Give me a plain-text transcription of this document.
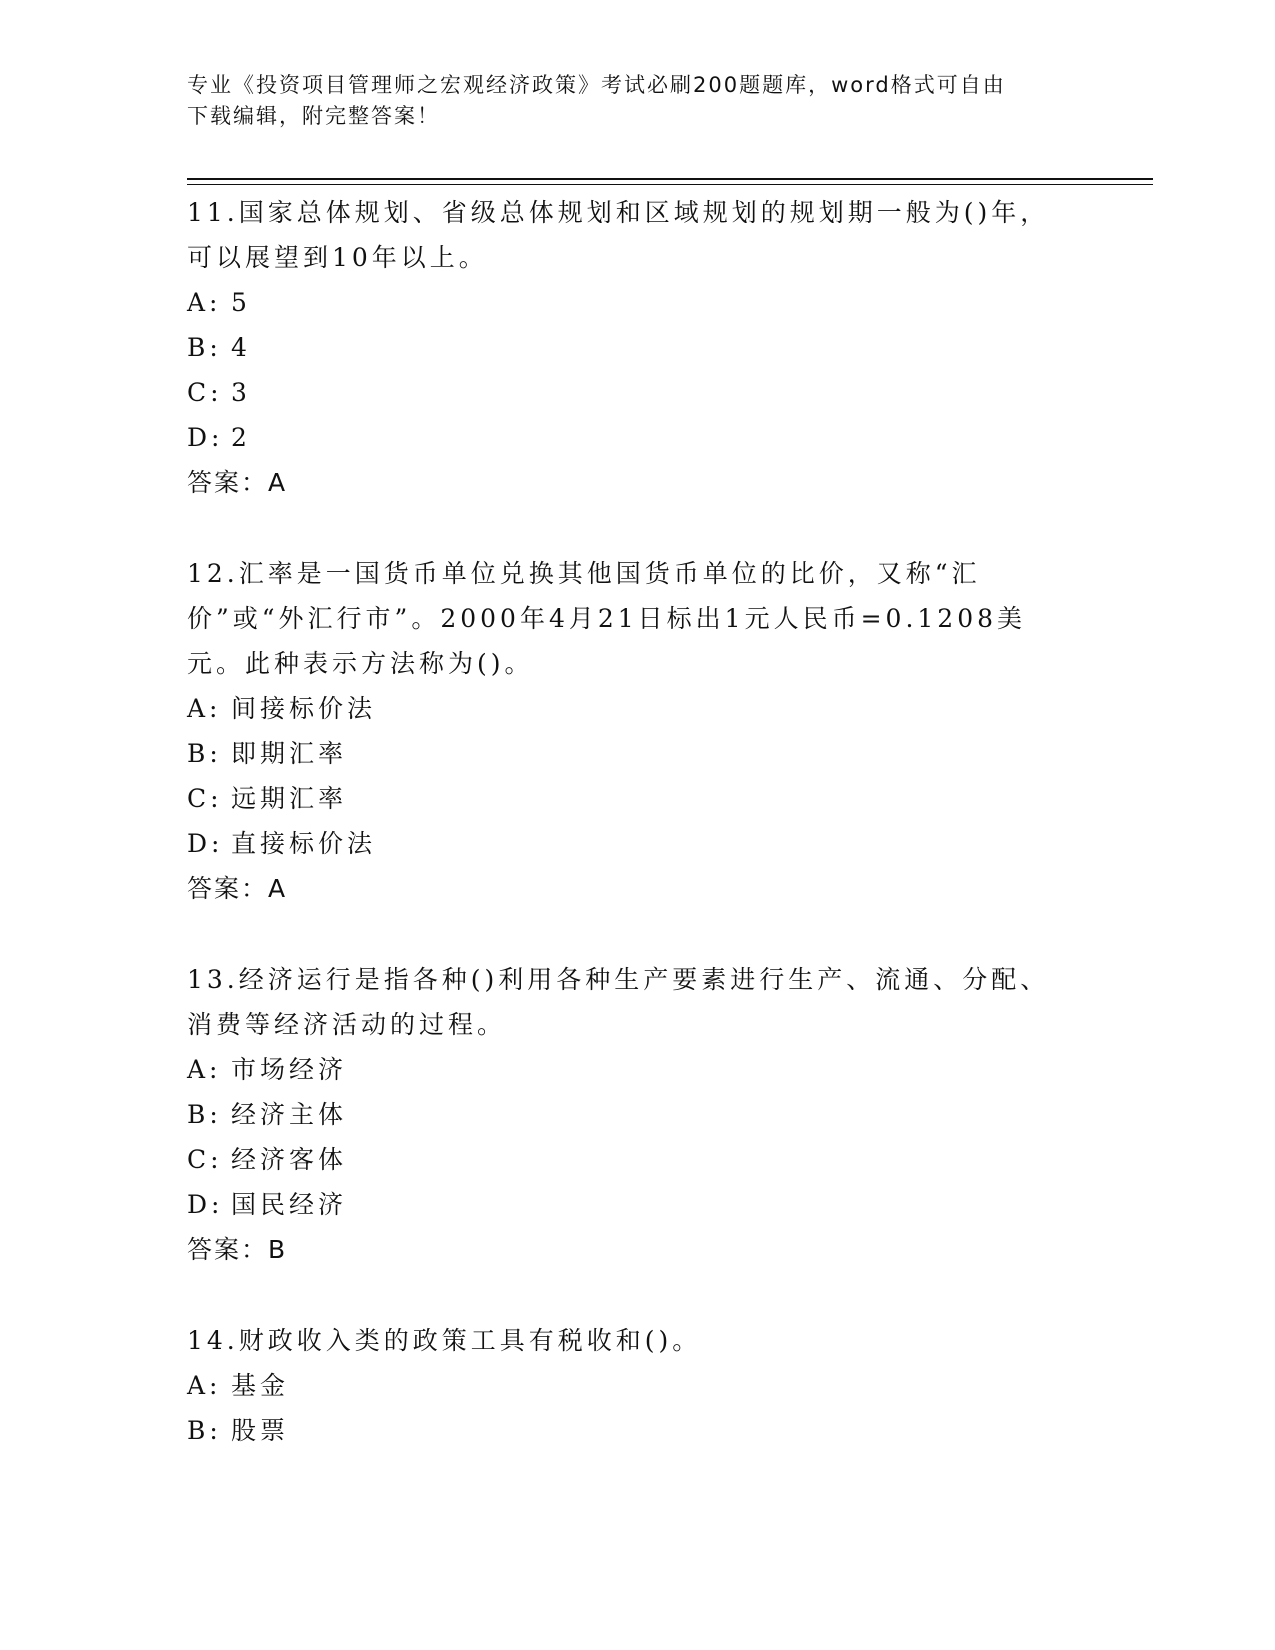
专业《投资项目管理师之宏观经济政策》考试必刷200题题库，word格式可自由
下载编辑，附完整答案！

11.国家总体规划、省级总体规划和区域规划的规划期一般为()年，可以展望到10年以上。

A: 5

B: 4

C: 3

D: 2

答案：A

12.汇率是一国货币单位兑换其他国货币单位的比价，又称“汇价”或“外汇行市”。2000年4月21日标出1元人民币=0.1208美元。此种表示方法称为()。

A: 间接标价法

B: 即期汇率

C: 远期汇率

D: 直接标价法

答案：A

13.经济运行是指各种()利用各种生产要素进行生产、流通、分配、消费等经济活动的过程。

A: 市场经济

B: 经济主体

C: 经济客体

D: 国民经济

答案：B

14.财政收入类的政策工具有税收和()。

A: 基金

B: 股票
